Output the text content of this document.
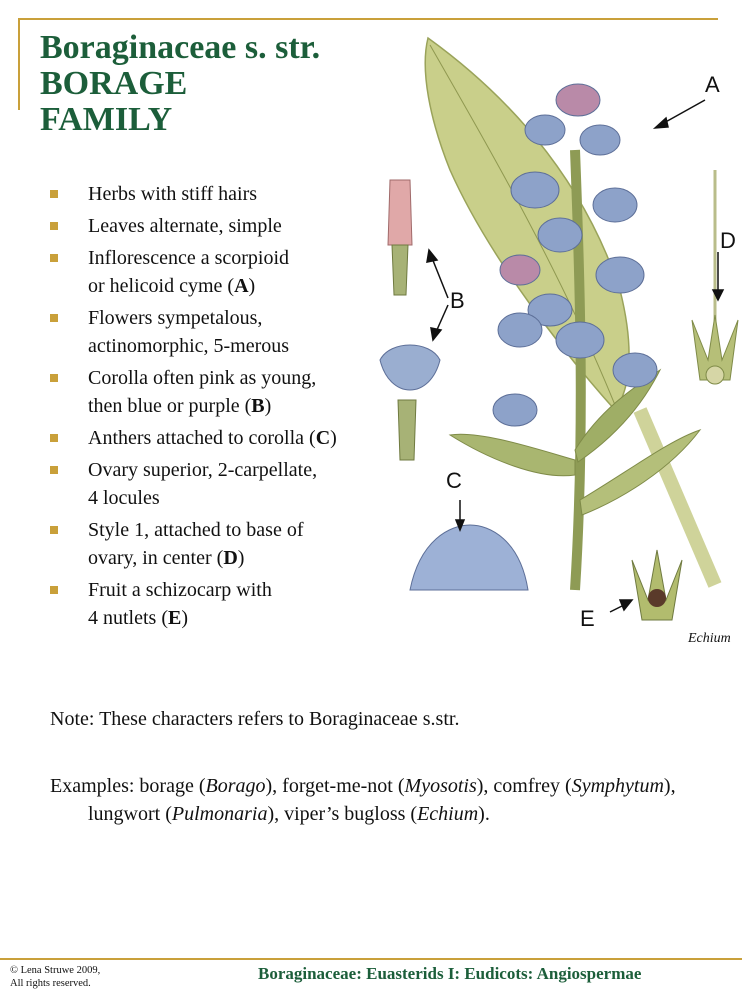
Boraginaceae s. str.
BORAGE
FAMILY
Herbs with stiff hairs
Leaves alternate, simple
Inflorescence a scorpioid
or helicoid cyme (A)
Flowers sympetalous,
actinomorphic, 5-merous
Corolla often pink as young,
then blue or purple (B)
Anthers attached to corolla (C)
Ovary superior, 2-carpellate,
4 locules
Style 1, attached to base of
ovary, in center (D)
Fruit a schizocarp with
4 nutlets (E)
A
B
C
D
E
Echium
Note: These characters refers to Boraginaceae s.str.
Examples: borage (Borago), forget-me-not (Myosotis), comfrey (Symphytum),
lungwort (Pulmonaria), viper’s bugloss (Echium).
© Lena Struwe 2009,
All rights reserved.
Boraginaceae: Euasterids I: Eudicots: Angiospermae
